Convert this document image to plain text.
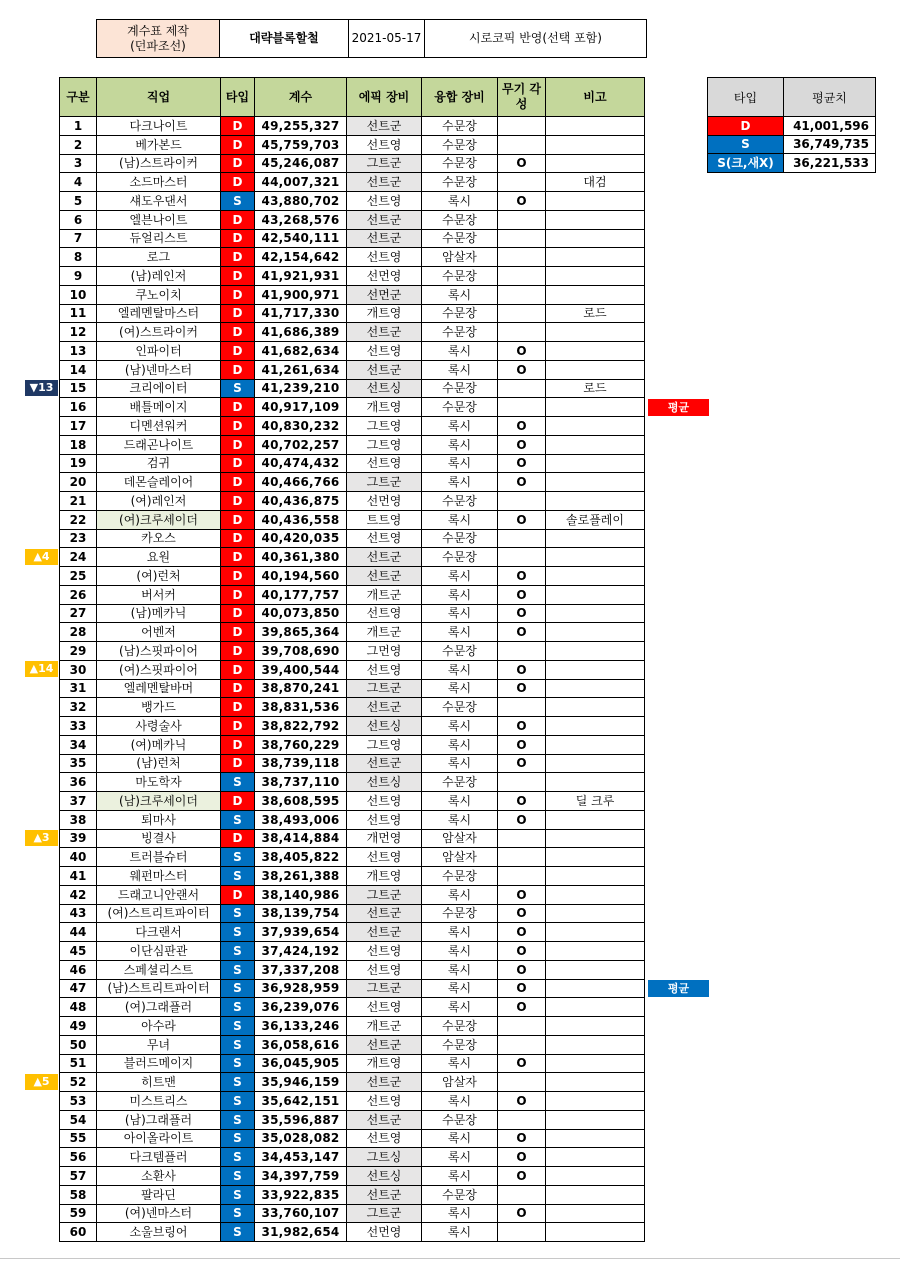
계수표 제작
(던파조선)
	대략블록할철	2021-05-17	시로코픽 반영(선택 포함)
구분	직업	타입	계수	에픽 장비	융합 장비	무기 각성	비고
1	다크나이트	D	49,255,327	선트군	수문장		
2	베가본드	D	45,759,703	선트영	수문장		
3	(남)스트라이커	D	45,246,087	그트군	수문장	O	
4	소드마스터	D	44,007,321	선트군	수문장		대검
5	섀도우댄서	S	43,880,702	선트영	록시	O	
6	엘븐나이트	D	43,268,576	선트군	수문장		
7	듀얼리스트	D	42,540,111	선트군	수문장		
8	로그	D	42,154,642	선트영	암살자		
9	(남)레인저	D	41,921,931	선먼영	수문장		
10	쿠노이치	D	41,900,971	선먼군	록시		
11	엘레멘탈마스터	D	41,717,330	개트영	수문장		로드
12	(여)스트라이커	D	41,686,389	선트군	수문장		
13	인파이터	D	41,682,634	선트영	록시	O	
14	(남)넨마스터	D	41,261,634	선트군	록시	O	
15	크리에이터	S	41,239,210	선트싱	수문장		로드
16	배틀메이지	D	40,917,109	개트영	수문장		
17	디멘션워커	D	40,830,232	그트영	록시	O	
18	드래곤나이트	D	40,702,257	그트영	록시	O	
19	검귀	D	40,474,432	선트영	록시	O	
20	데몬슬레이어	D	40,466,766	그트군	록시	O	
21	(여)레인저	D	40,436,875	선먼영	수문장		
22	(여)크루세이더	D	40,436,558	트트영	록시	O	솔로플레이
23	카오스	D	40,420,035	선트영	수문장		
24	요원	D	40,361,380	선트군	수문장		
25	(여)런처	D	40,194,560	선트군	록시	O	
26	버서커	D	40,177,757	개트군	록시	O	
27	(남)메카닉	D	40,073,850	선트영	록시	O	
28	어벤저	D	39,865,364	개트군	록시	O	
29	(남)스핏파이어	D	39,708,690	그먼영	수문장		
30	(여)스핏파이어	D	39,400,544	선트영	록시	O	
31	엘레멘탈바머	D	38,870,241	그트군	록시	O	
32	뱅가드	D	38,831,536	선트군	수문장		
33	사령술사	D	38,822,792	선트싱	록시	O	
34	(여)메카닉	D	38,760,229	그트영	록시	O	
35	(남)런처	D	38,739,118	선트군	록시	O	
36	마도학자	S	38,737,110	선트싱	수문장		
37	(남)크루세이더	D	38,608,595	선트영	록시	O	딜 크루
38	퇴마사	S	38,493,006	선트영	록시	O	
39	빙결사	D	38,414,884	개먼영	암살자		
40	트러블슈터	S	38,405,822	선트영	암살자		
41	웨펀마스터	S	38,261,388	개트영	수문장		
42	드래고니안랜서	D	38,140,986	그트군	록시	O	
43	(여)스트리트파이터	S	38,139,754	선트군	수문장	O	
44	다크랜서	S	37,939,654	선트군	록시	O	
45	이단심판관	S	37,424,192	선트영	록시	O	
46	스페셜리스트	S	37,337,208	선트영	록시	O	
47	(남)스트리트파이터	S	36,928,959	그트군	록시	O	
48	(여)그래플러	S	36,239,076	선트영	록시	O	
49	아수라	S	36,133,246	개트군	수문장		
50	무녀	S	36,058,616	선트군	수문장		
51	블러드메이지	S	36,045,905	개트영	록시	O	
52	히트맨	S	35,946,159	선트군	암살자		
53	미스트리스	S	35,642,151	선트영	록시	O	
54	(남)그래플러	S	35,596,887	선트군	수문장		
55	아이올라이트	S	35,028,082	선트영	록시	O	
56	다크템플러	S	34,453,147	그트싱	록시	O	
57	소환사	S	34,397,759	선트싱	록시	O	
58	팔라딘	S	33,922,835	선트군	수문장		
59	(여)넨마스터	S	33,760,107	그트군	록시	O	
60	소울브링어	S	31,982,654	선먼영	록시		
타입	평균치
D	41,001,596
S	36,749,735
S(크,새X)	36,221,533
▼13
▲4
▲14
▲3
▲5
평균
평균
